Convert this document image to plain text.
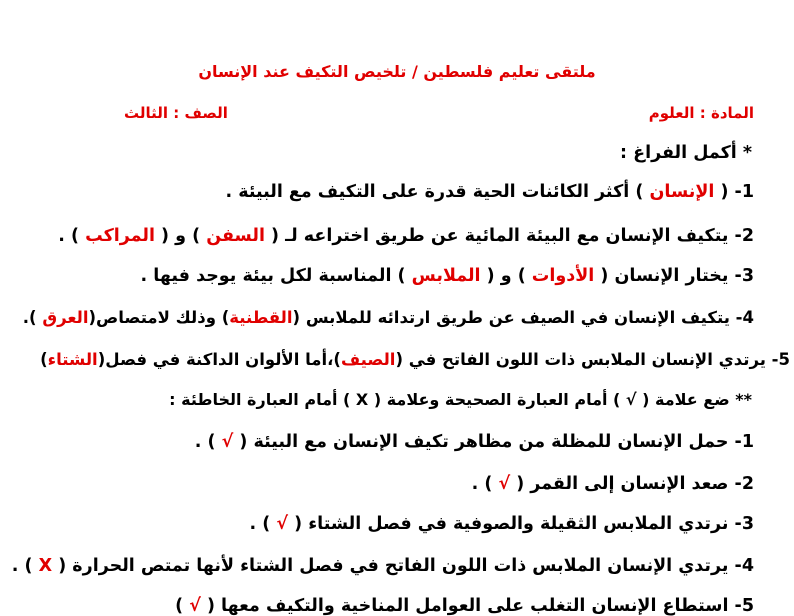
ملتقى تعليم فلسطين / تلخيص التكيف عند الإنسان
المادة : العلوم
الصف : الثالث
* أكمل الفراغ :
1- ( الإنسان ) أكثر الكائنات الحية قدرة على التكيف مع البيئة .
2- يتكيف الإنسان مع البيئة المائية عن طريق اختراعه لـ ( السفن ) و ( المراكب ) .
3- يختار الإنسان ( الأدوات ) و ( الملابس ) المناسبة لكل بيئة يوجد فيها .
4- يتكيف الإنسان في الصيف عن طريق ارتدائه للملابس (القطنية) وذلك لامتصاص(العرق ).
5- يرتدي الإنسان الملابس ذات اللون الفاتح في (الصيف)،أما الألوان الداكنة في فصل(الشتاء)
** ضع علامة ( √ ) أمام العبارة الصحيحة وعلامة ( X ) أمام العبارة الخاطئة :
1- حمل الإنسان للمظلة من مظاهر تكيف الإنسان مع البيئة ( √ ) .
2- صعد الإنسان إلى القمر ( √ ) .
3- نرتدي الملابس الثقيلة والصوفية في فصل الشتاء ( √ ) .
4- يرتدي الإنسان الملابس ذات اللون الفاتح في فصل الشتاء لأنها تمتص الحرارة ( X ) .
5- استطاع الإنسان التغلب على العوامل المناخية والتكيف معها ( √ )
